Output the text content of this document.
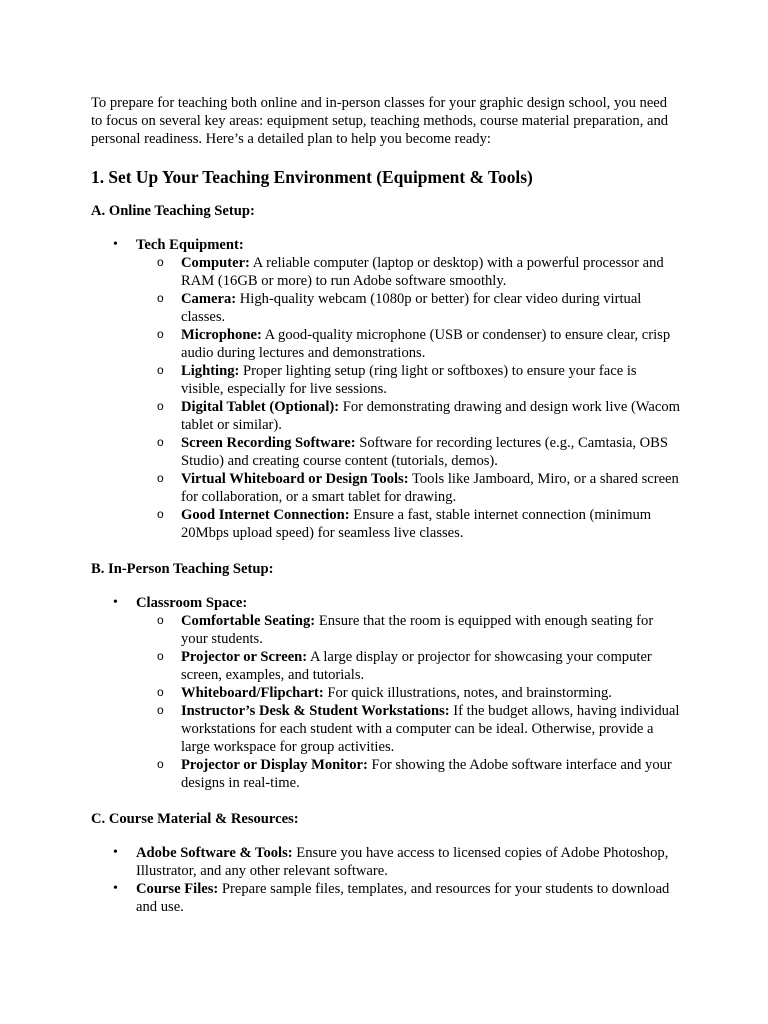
To prepare for teaching both online and in-person classes for your graphic design school, you need to focus on several key areas: equipment setup, teaching methods, course material preparation, and personal readiness. Here’s a detailed plan to help you become ready:

1. Set Up Your Teaching Environment (Equipment & Tools)
A. Online Teaching Setup:
• Tech Equipment:
o Computer: A reliable computer (laptop or desktop) with a powerful processor and RAM (16GB or more) to run Adobe software smoothly.
o Camera: High-quality webcam (1080p or better) for clear video during virtual classes.
o Microphone: A good-quality microphone (USB or condenser) to ensure clear, crisp audio during lectures and demonstrations.
o Lighting: Proper lighting setup (ring light or softboxes) to ensure your face is visible, especially for live sessions.
o Digital Tablet (Optional): For demonstrating drawing and design work live (Wacom tablet or similar).
o Screen Recording Software: Software for recording lectures (e.g., Camtasia, OBS Studio) and creating course content (tutorials, demos).
o Virtual Whiteboard or Design Tools: Tools like Jamboard, Miro, or a shared screen for collaboration, or a smart tablet for drawing.
o Good Internet Connection: Ensure a fast, stable internet connection (minimum 20Mbps upload speed) for seamless live classes.
B. In-Person Teaching Setup:
• Classroom Space:
o Comfortable Seating: Ensure that the room is equipped with enough seating for your students.
o Projector or Screen: A large display or projector for showcasing your computer screen, examples, and tutorials.
o Whiteboard/Flipchart: For quick illustrations, notes, and brainstorming.
o Instructor’s Desk & Student Workstations: If the budget allows, having individual workstations for each student with a computer can be ideal. Otherwise, provide a large workspace for group activities.
o Projector or Display Monitor: For showing the Adobe software interface and your designs in real-time.
C. Course Material & Resources:
• Adobe Software & Tools: Ensure you have access to licensed copies of Adobe Photoshop, Illustrator, and any other relevant software.
• Course Files: Prepare sample files, templates, and resources for your students to download and use.
